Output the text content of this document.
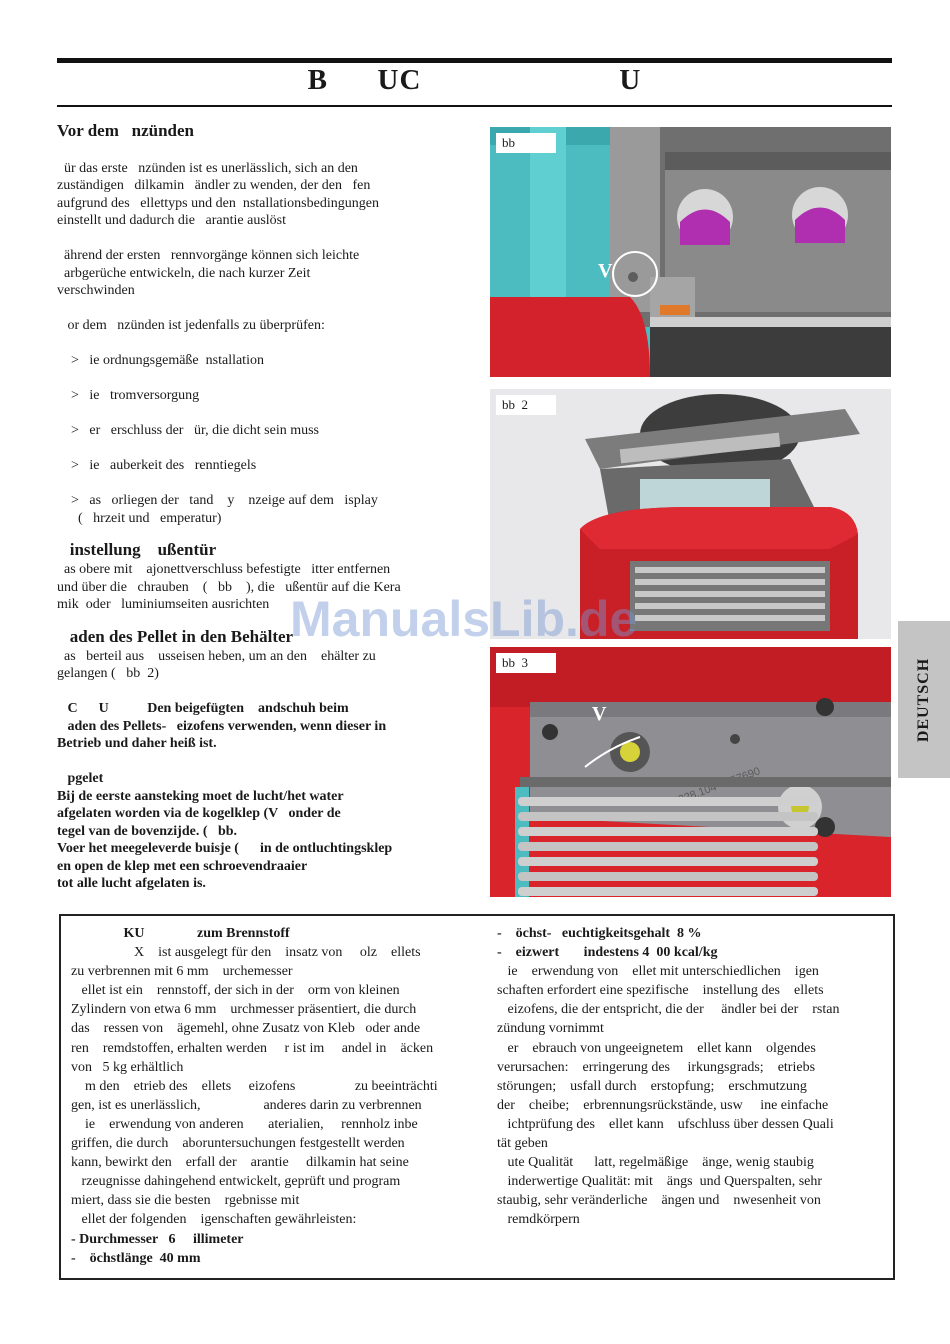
B      UC                        U
Vor dem   nzünden
ür das erste   nzünden ist es unerlässlich, sich an den
zuständigen   dilkamin   ändler zu wenden, der den   fen
aufgrund des   ellettyps und den  nstallationsbedingungen
einstellt und dadurch die   arantie auslöst
ährend der ersten   rennvorgänge können sich leichte
arbgerüche entwickeln, die nach kurzer Zeit
verschwinden
or dem   nzünden ist jedenfalls zu überprüfen:
>   ie ordnungsgemäße  nstallation
>   ie   tromversorgung
>   er   erschluss der   ür, die dicht sein muss
>   ie   auberkeit des   renntiegels
>   as   orliegen der   tand    y    nzeige auf dem   isplay
(   hrzeit und   emperatur)
instellung    ußentür
as obere mit    ajonettverschluss befestigte   itter entfernen
und über die   chrauben    (   bb    ), die   ußentür auf die Kera
mik  oder   luminiumseiten ausrichten
aden des Pellet in den Behälter
as   berteil aus    usseisen heben, um an den    ehälter zu
gelangen (   bb  2)
C      U           Den beigefügten    andschuh beim
aden des Pellets-   eizofens verwenden, wenn dieser in
Betrieb und daher heiß ist.
pgelet
Bij de eerste aansteking moet de lucht/het water
afgelaten worden via de kogelklep (V   onder de
tegel van de bovenzijde. (   bb.
Voer het meegeleverde buisje (      in de ontluchtingsklep
en open de klep met een schroevendraaier
tot alle lucht afgelaten is.
bb
V
bb  2
bb  3
V	DEUTSCH
ManualsLib.de
KU               zum Brennstoff
X    ist ausgelegt für den    insatz von     olz    ellets
zu verbrennen mit 6 mm    urchemesser
ellet ist ein    rennstoff, der sich in der    orm von kleinen
Zylindern von etwa 6 mm    urchmesser präsentiert, die durch
das    ressen von    ägemehl, ohne Zusatz von Kleb   oder ande
ren    remdstoffen, erhalten werden     r ist im     andel in    äcken
von   5 kg erhältlich
m den    etrieb des    ellets     eizofens                 zu beeinträchti
gen, ist es unerlässlich,                  anderes darin zu verbrennen
ie    erwendung von anderen       aterialien,     rennholz inbe
griffen, die durch    aboruntersuchungen festgestellt werden
kann, bewirkt den    erfall der    arantie     dilkamin hat seine
rzeugnisse dahingehend entwickelt, geprüft und program
miert, dass sie die besten    rgebnisse mit
ellet der folgenden    igenschaften gewährleisten:
- Durchmesser   6     illimeter
-    öchstlänge  40 mm
-    öchst-   euchtigkeitsgehalt  8 %
-    eizwert       indestens 4  00 kcal/kg
ie    erwendung von    ellet mit unterschiedlichen    igen
schaften erfordert eine spezifische    instellung des    ellets
eizofens, die der entspricht, die der     ändler bei der    rstan
zündung vornimmt
er    ebrauch von ungeeignetem    ellet kann    olgendes
verursachen:    erringerung des     irkungsgrads;    etriebs
störungen;    usfall durch    erstopfung;    erschmutzung
der    cheibe;    erbrennungsrückstände, usw     ine einfache
ichtprüfung des    ellet kann    ufschluss über dessen Quali
tät geben
ute Qualität      latt, regelmäßige    änge, wenig staubig
inderwertige Qualität: mit    ängs  und Querspalten, sehr
staubig, sehr veränderliche    ängen und    nwesenheit von
remdkörpern
